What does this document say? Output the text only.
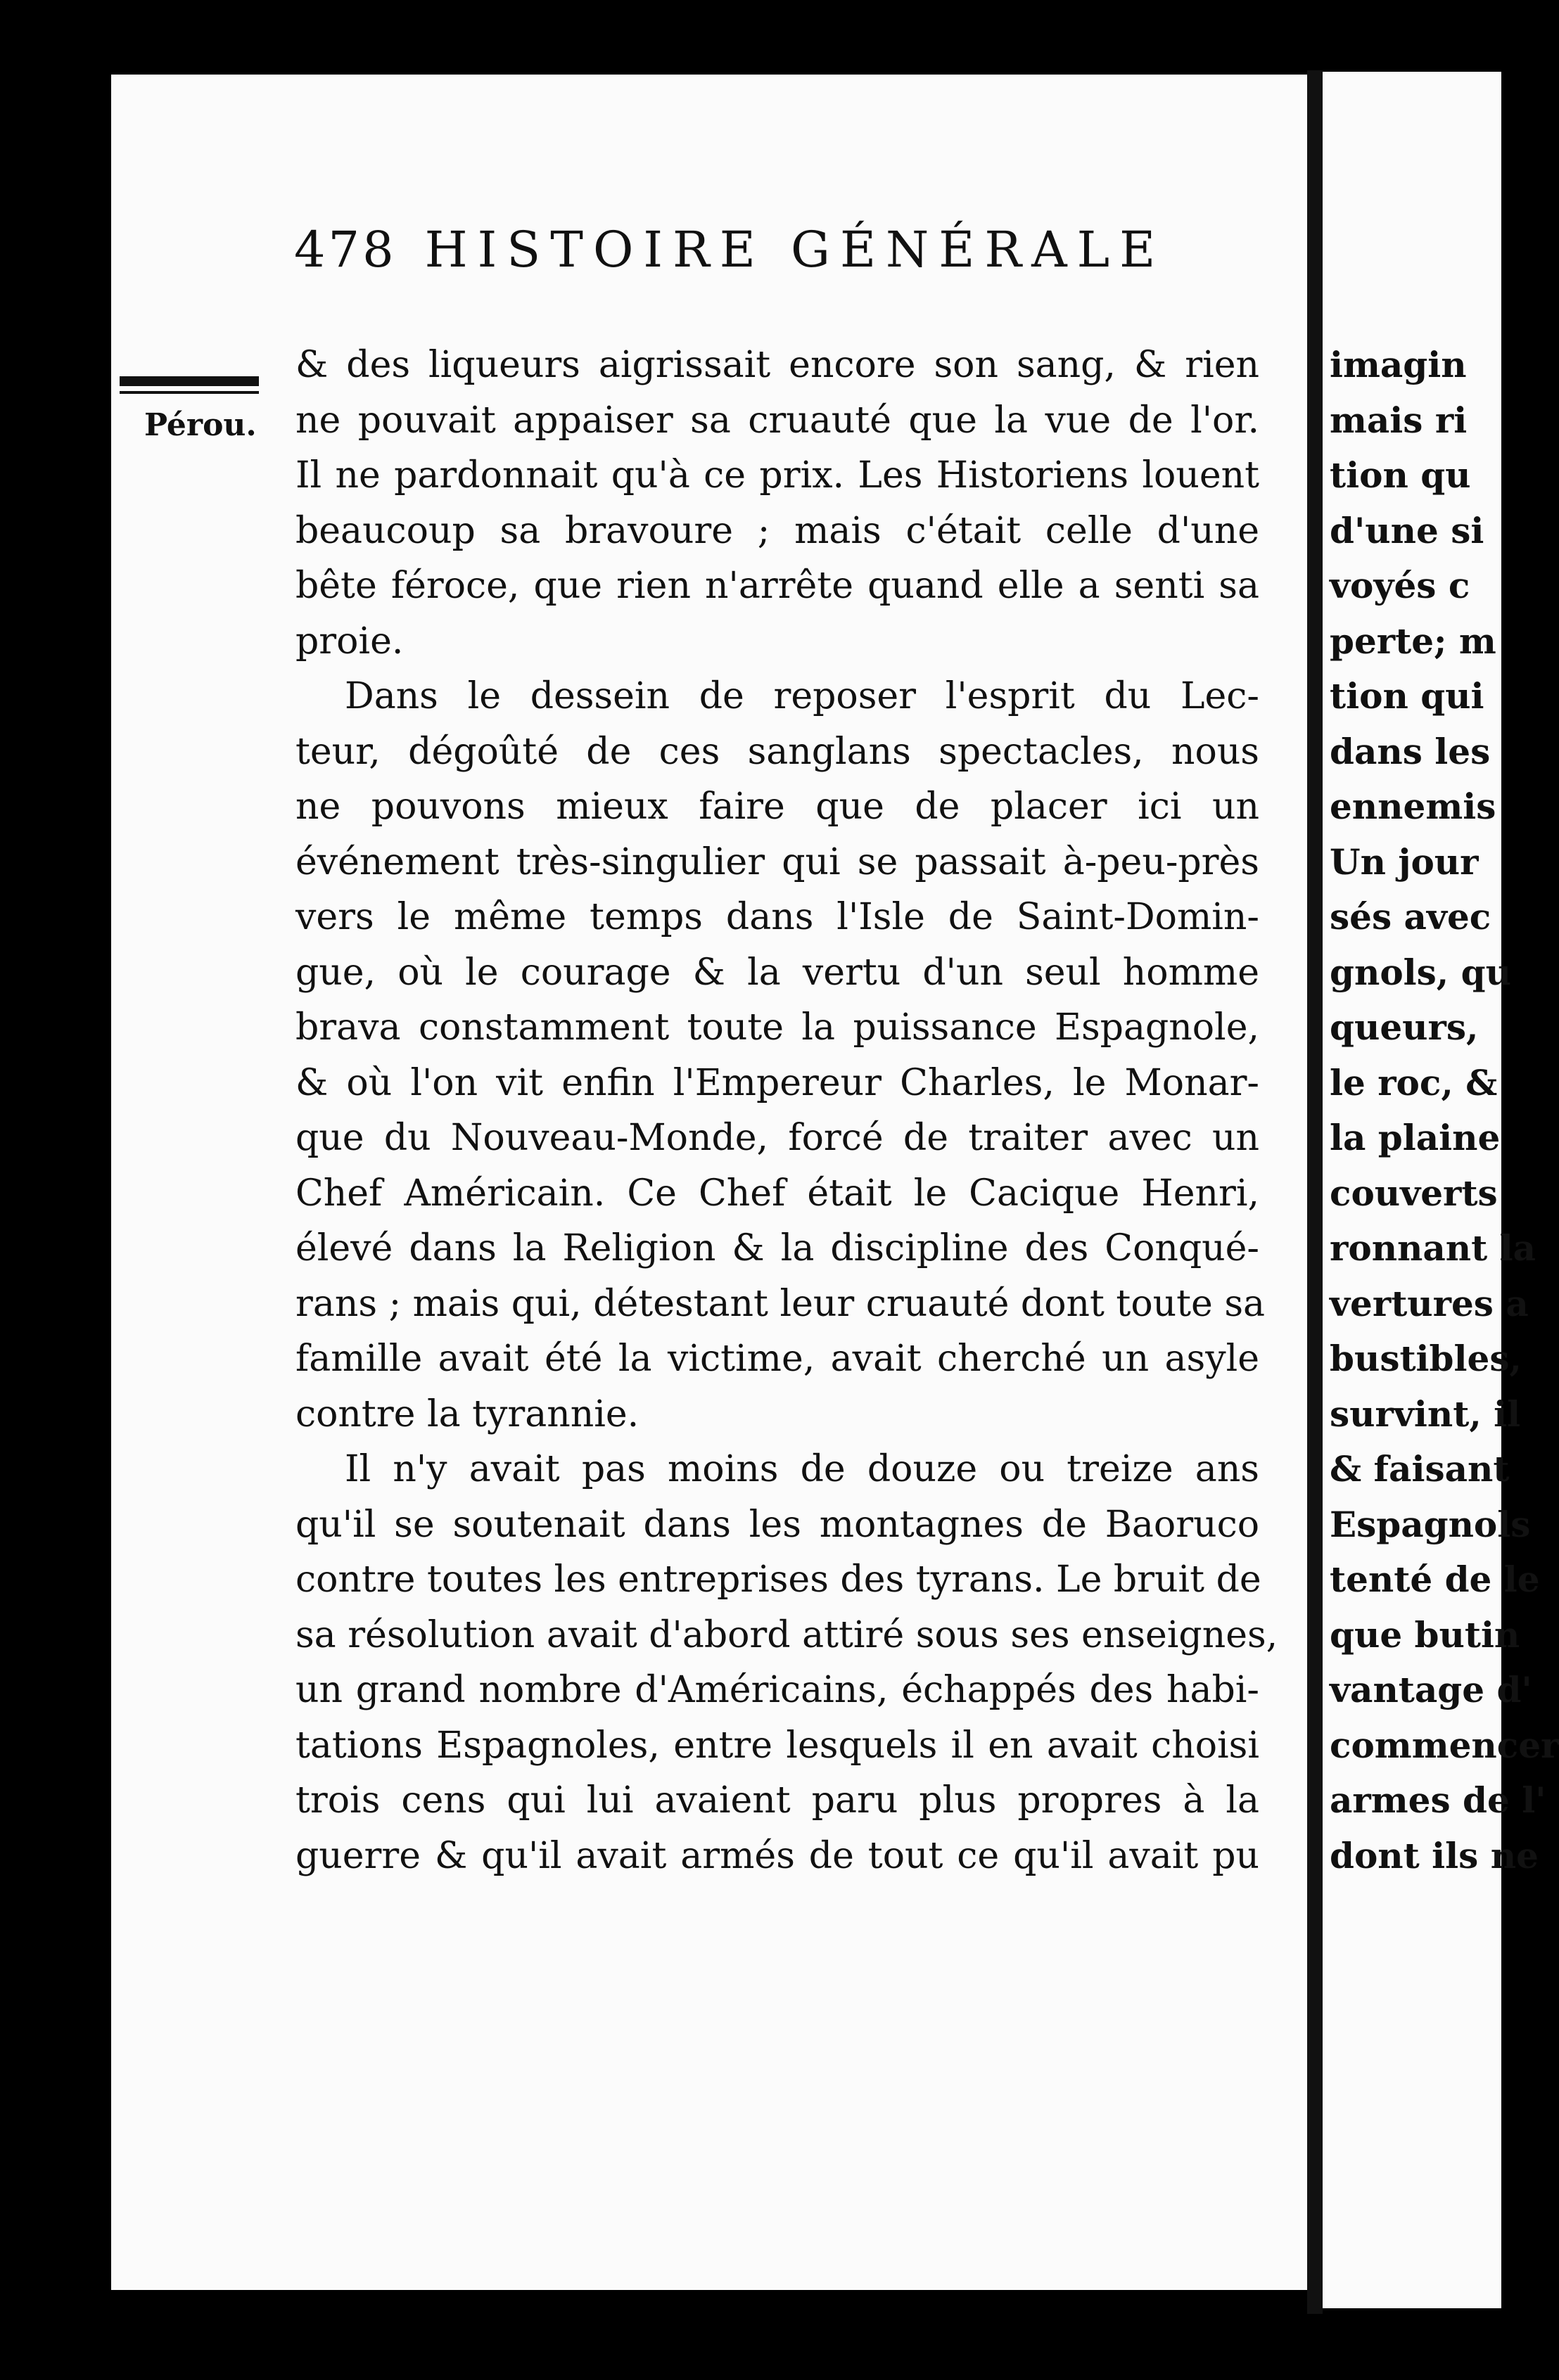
478 HISTOIRE GÉNÉRALE
Pérou.
& des liqueurs aigrissait encore son sang, & rien
ne pouvait appaiser sa cruauté que la vue de l'or.
Il ne pardonnait qu'à ce prix. Les Historiens louent
beaucoup sa bravoure ; mais c'était celle d'une
bête féroce, que rien n'arrête quand elle a senti sa
proie.
Dans le dessein de reposer l'esprit du Lec-
teur, dégoûté de ces sanglans spectacles, nous
ne pouvons mieux faire que de placer ici un
événement très-singulier qui se passait à-peu-près
vers le même temps dans l'Isle de Saint-Domin-
gue, où le courage & la vertu d'un seul homme
brava constamment toute la puissance Espagnole,
& où l'on vit enfin l'Empereur Charles, le Monar-
que du Nouveau-Monde, forcé de traiter avec un
Chef Américain. Ce Chef était le Cacique Henri,
élevé dans la Religion & la discipline des Conqué-
rans ; mais qui, détestant leur cruauté dont toute sa
famille avait été la victime, avait cherché un asyle
contre la tyrannie.
Il n'y avait pas moins de douze ou treize ans
qu'il se soutenait dans les montagnes de Baoruco
contre toutes les entreprises des tyrans. Le bruit de
sa résolution avait d'abord attiré sous ses enseignes,
un grand nombre d'Américains, échappés des habi-
tations Espagnoles, entre lesquels il en avait choisi
trois cens qui lui avaient paru plus propres à la
guerre & qu'il avait armés de tout ce qu'il avait pu
imagin
mais ri
tion qu
d'une si
voyés c
perte; m
tion qui
dans les
ennemis
Un jour
sés avec
gnols, qu
queurs,
le roc, &
la plaine
couverts
ronnant la
vertures a
bustibles,
survint, il
& faisant
Espagnols
tenté de le
que butin
vantage d'
commencer
armes de l'
dont ils ne
